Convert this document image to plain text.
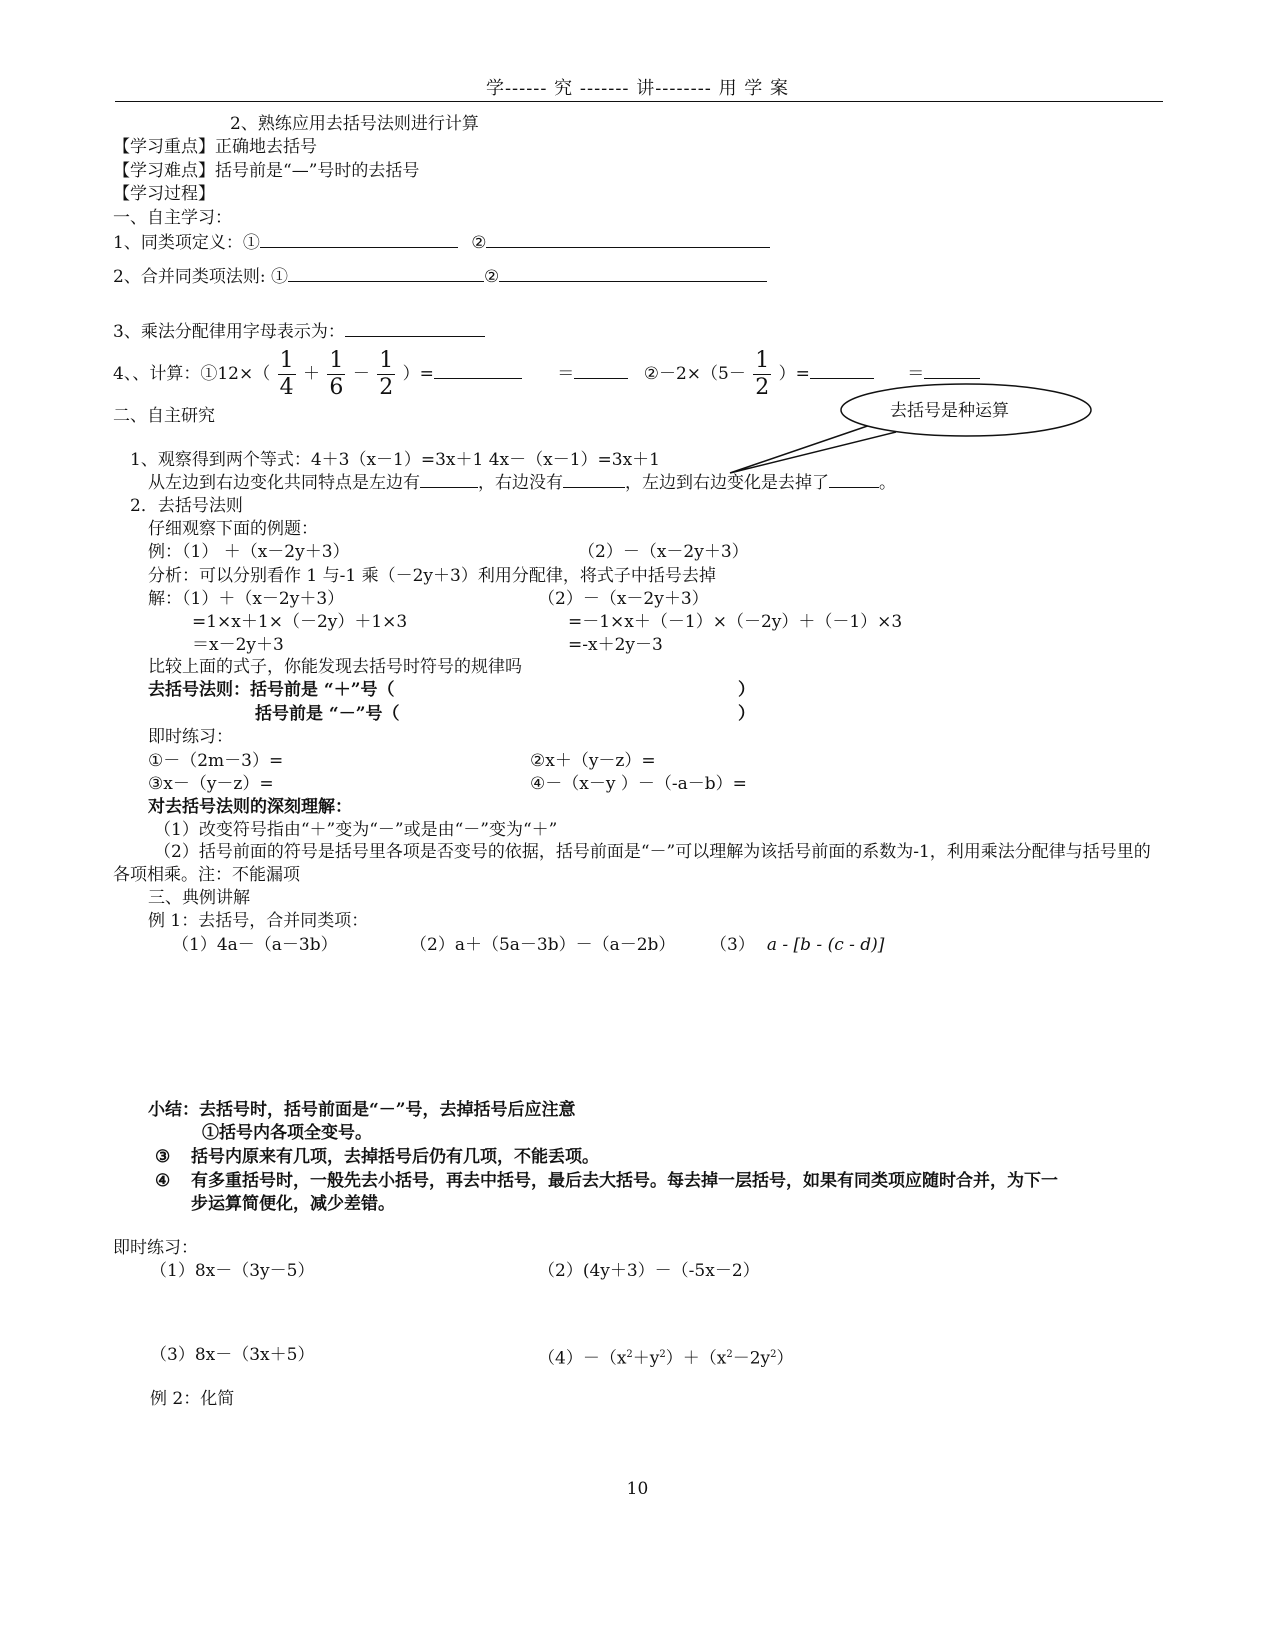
学------ 究 ------- 讲-------- 用 学 案
2、熟练应用去括号法则进行计算
【学习重点】正确地去括号
【学习难点】括号前是“—”号时的去括号
【学习过程】
一、自主学习：
1、同类项定义：①	②
2、合并同类项法则: ①	②
3、乘法分配律用字母表示为：
4、、计算：①12×（ $\frac{1}{4} + \frac{1}{6} - \frac{1}{2}$ ）=	＝	②－2×（5－ $\frac{1}{2}$ ）=	＝
二、自主研究	去括号是种运算
1、观察得到两个等式：4＋3（x－1）=3x＋1 4x－（x－1）=3x＋1
从左边到右边变化共同特点是左边有	，右边没有	，左边到右边变化是去掉了	。
2．去括号法则
仔细观察下面的例题：
例：（1） ＋（x－2y＋3）	（2）－（x－2y＋3）
分析：可以分别看作 1 与-1 乘（－2y＋3）利用分配律，将式子中括号去掉
解：（1）＋（x－2y＋3）
=1×x＋1×（－2y）＋1×3
＝x－2y＋3
（2）－（x－2y＋3）
=－1×x＋（－1）×（－2y）＋（－1）×3
=-x＋2y－3
比较上面的式子，你能发现去括号时符号的规律吗
去括号法则：括号前是 “＋”号（	）
括号前是 “－”号（	）
即时练习：
①－（2m－3）=	②x＋（y－z）=
③x－（y－z）=	④－（x－y ）－（-a－b）=
对去括号法则的深刻理解：
（1）改变符号指由“＋”变为“－”或是由“－”变为“＋”
（2）括号前面的符号是括号里各项是否变号的依据，括号前面是“－”可以理解为该括号前面的系数为-1，利用乘法分配律与括号里的各项相乘。注：不能漏项
三、典例讲解
例 1：去括号，合并同类项：
（1）4a－（a－3b）	（2）a＋（5a－3b）－（a－2b） （3） a - [b - (c - d)]
小结：去括号时，括号前面是“－”号，去掉括号后应注意
①括号内各项全变号。
③ 括号内原来有几项，去掉括号后仍有几项，不能丢项。
④ 有多重括号时，一般先去小括号，再去中括号，最后去大括号。每去掉一层括号，如果有同类项应随时合并，为下一
步运算简便化，减少差错。
即时练习：
（1）8x－（3y－5）	（2）(4y＋3）－（-5x－2）
（3）8x－（3x＋5）	$(4)-(x^2+y^2)+(x^2-2y^2)$
例 2：化简
10
